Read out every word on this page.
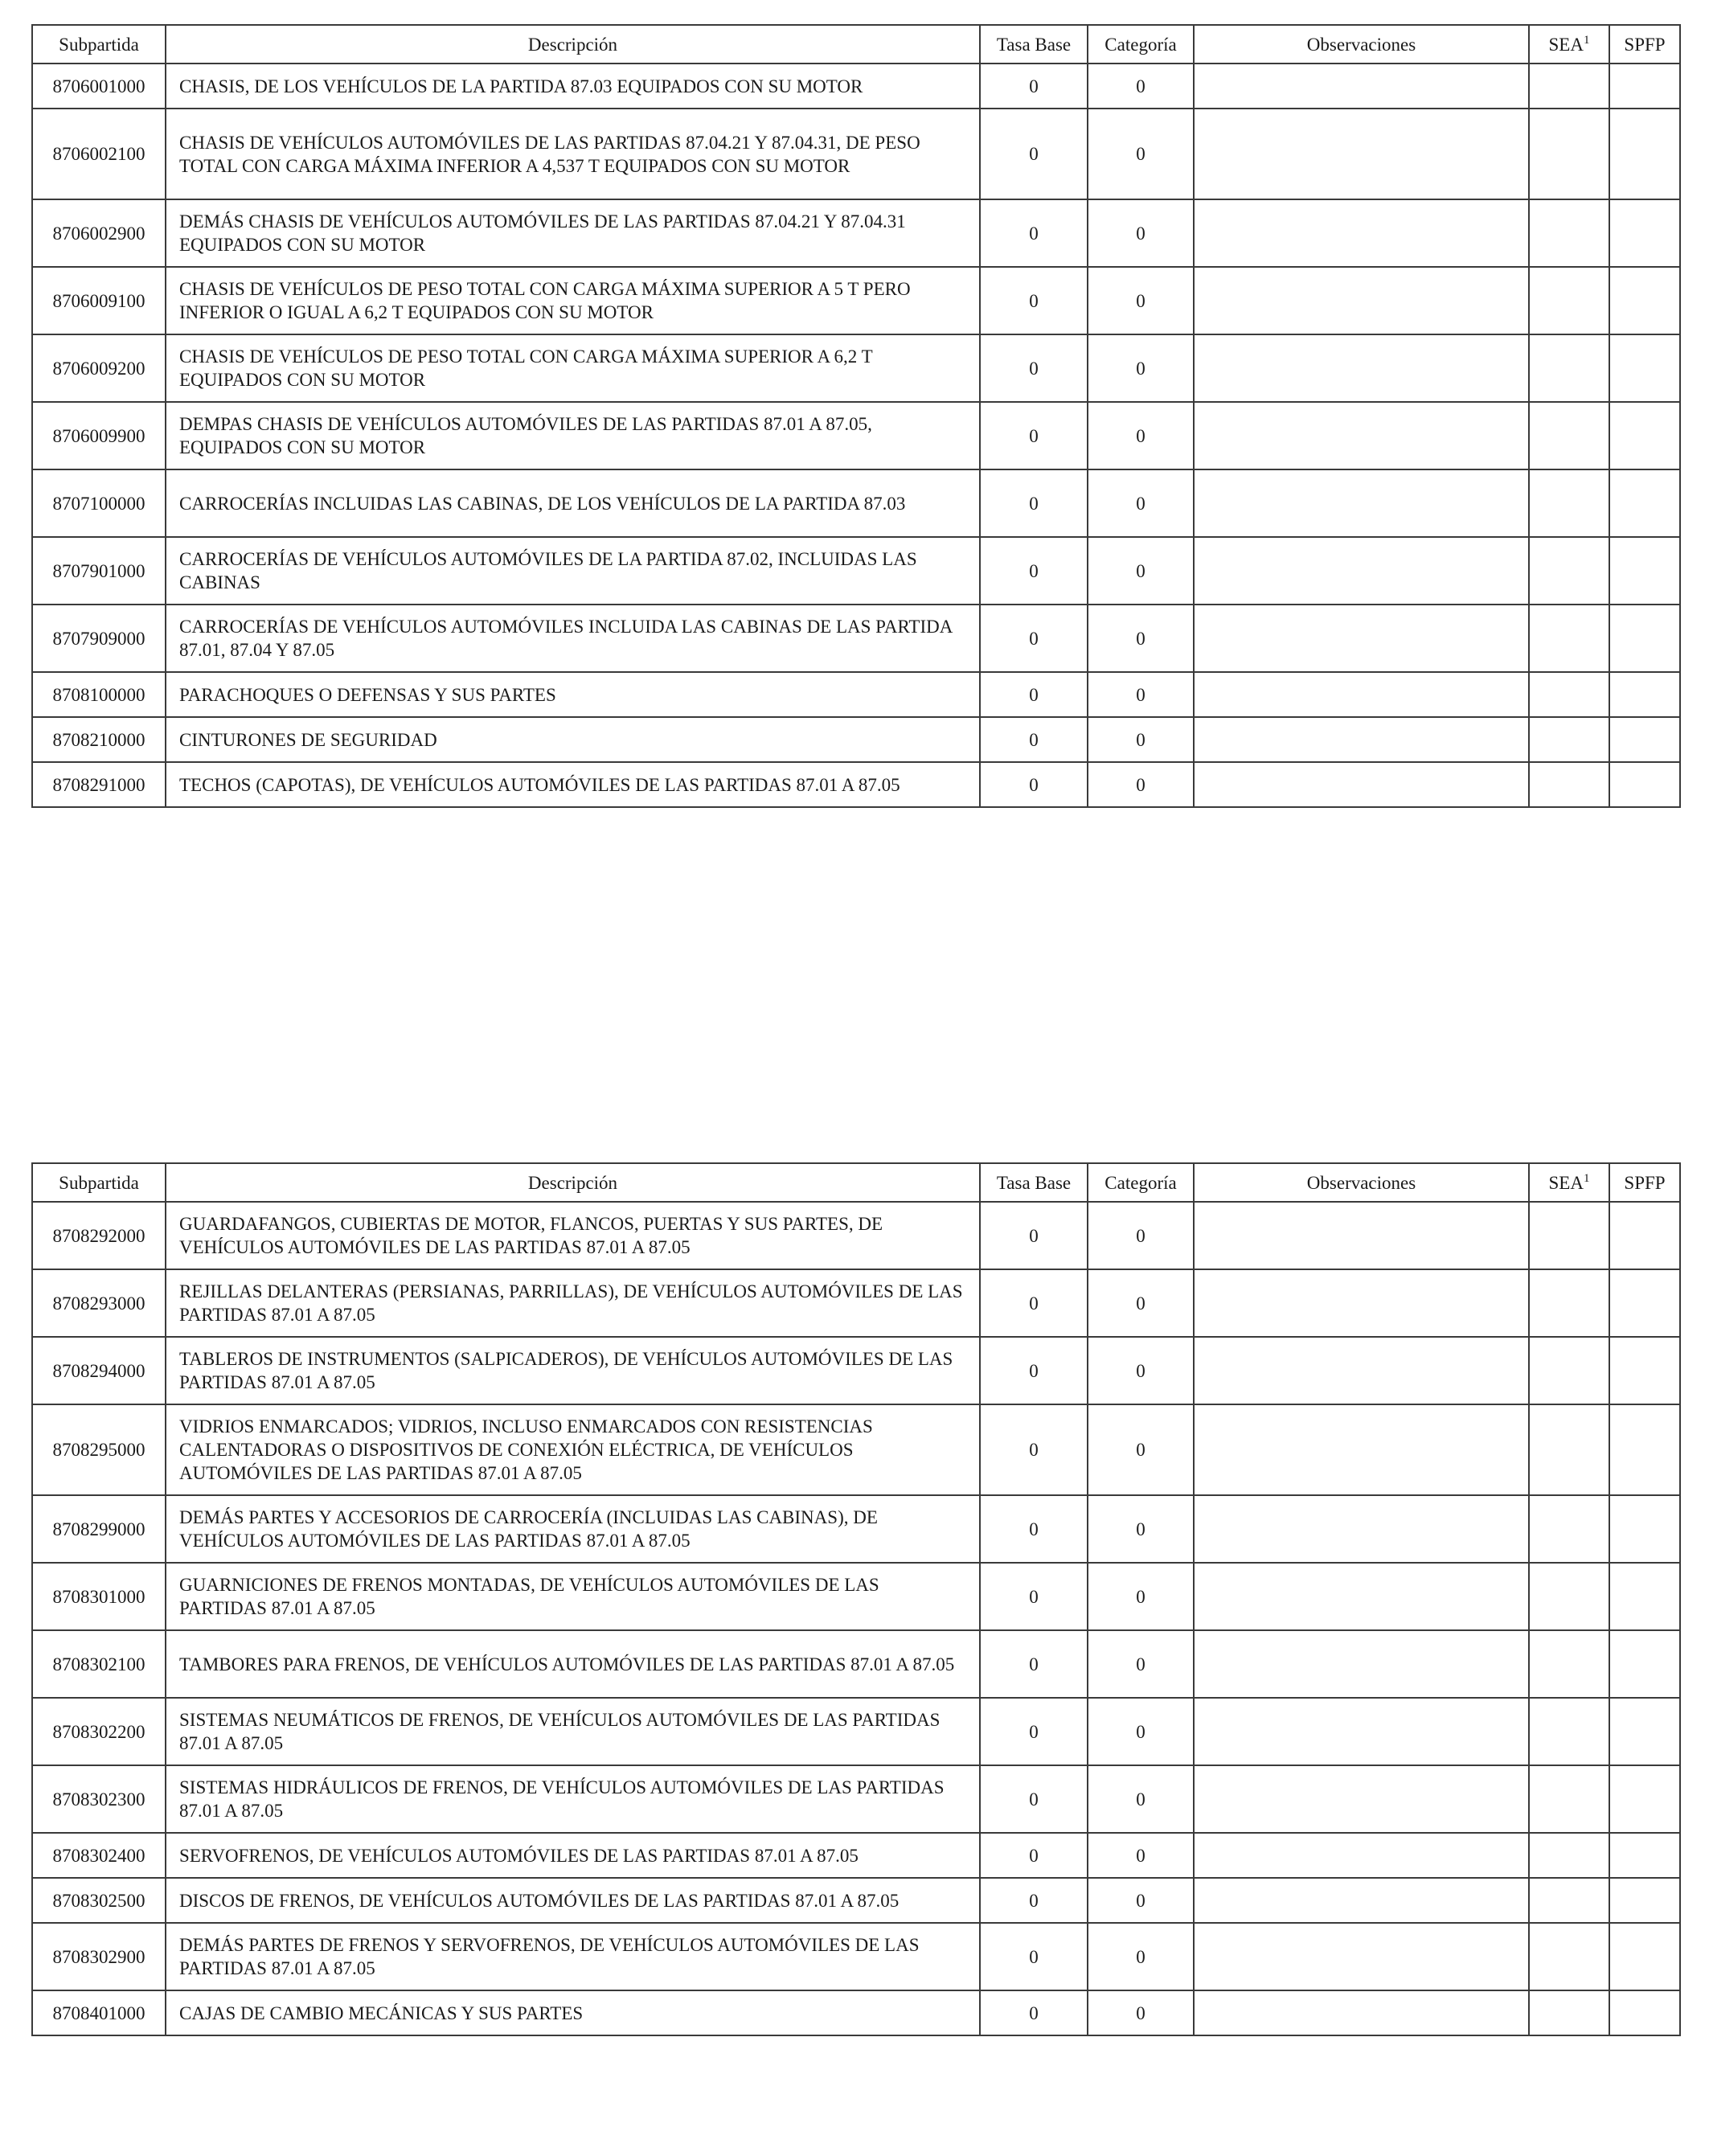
Subpartida	Descripción	Tasa Base	Categoría	Observaciones	SEA$^1$	SPFP
8706001000	CHASIS, DE LOS VEHÍCULOS DE LA PARTIDA 87.03 EQUIPADOS CON SU MOTOR	0	0			
8706002100	CHASIS DE VEHÍCULOS AUTOMÓVILES DE LAS PARTIDAS 87.04.21 Y 87.04.31, DE PESO TOTAL CON CARGA MÁXIMA INFERIOR A 4,537 T EQUIPADOS CON SU MOTOR	0	0			
8706002900	DEMÁS CHASIS DE VEHÍCULOS AUTOMÓVILES DE LAS PARTIDAS 87.04.21 Y 87.04.31 EQUIPADOS CON SU MOTOR	0	0			
8706009100	CHASIS DE VEHÍCULOS DE PESO TOTAL CON CARGA MÁXIMA SUPERIOR A 5 T PERO INFERIOR O IGUAL A 6,2 T EQUIPADOS CON SU MOTOR	0	0			
8706009200	CHASIS DE VEHÍCULOS DE PESO TOTAL CON CARGA MÁXIMA SUPERIOR A 6,2 T EQUIPADOS CON SU MOTOR	0	0			
8706009900	DEMPAS CHASIS DE VEHÍCULOS AUTOMÓVILES DE LAS PARTIDAS 87.01 A 87.05, EQUIPADOS CON SU MOTOR	0	0			
8707100000	CARROCERÍAS INCLUIDAS LAS CABINAS, DE LOS VEHÍCULOS DE LA PARTIDA 87.03	0	0			
8707901000	CARROCERÍAS DE VEHÍCULOS AUTOMÓVILES DE LA PARTIDA 87.02, INCLUIDAS LAS CABINAS	0	0			
8707909000	CARROCERÍAS DE VEHÍCULOS AUTOMÓVILES INCLUIDA LAS CABINAS DE LAS PARTIDA 87.01, 87.04 Y 87.05	0	0			
8708100000	PARACHOQUES O DEFENSAS Y SUS PARTES	0	0			
8708210000	CINTURONES DE SEGURIDAD	0	0			
8708291000	TECHOS (CAPOTAS), DE VEHÍCULOS AUTOMÓVILES DE LAS PARTIDAS 87.01 A 87.05	0	0			
Subpartida	Descripción	Tasa Base	Categoría	Observaciones	SEA$^1$	SPFP
8708292000	GUARDAFANGOS, CUBIERTAS DE MOTOR, FLANCOS, PUERTAS Y SUS PARTES, DE VEHÍCULOS AUTOMÓVILES DE LAS PARTIDAS 87.01 A 87.05	0	0			
8708293000	REJILLAS DELANTERAS (PERSIANAS, PARRILLAS), DE VEHÍCULOS AUTOMÓVILES DE LAS PARTIDAS 87.01 A 87.05	0	0			
8708294000	TABLEROS DE INSTRUMENTOS (SALPICADEROS), DE VEHÍCULOS AUTOMÓVILES DE LAS PARTIDAS 87.01 A 87.05	0	0			
8708295000	VIDRIOS ENMARCADOS; VIDRIOS, INCLUSO ENMARCADOS CON RESISTENCIAS CALENTADORAS O DISPOSITIVOS DE CONEXIÓN ELÉCTRICA, DE VEHÍCULOS AUTOMÓVILES DE LAS PARTIDAS 87.01 A 87.05	0	0			
8708299000	DEMÁS PARTES Y ACCESORIOS DE CARROCERÍA (INCLUIDAS LAS CABINAS), DE VEHÍCULOS AUTOMÓVILES DE LAS PARTIDAS 87.01 A 87.05	0	0			
8708301000	GUARNICIONES DE FRENOS MONTADAS, DE VEHÍCULOS AUTOMÓVILES DE LAS PARTIDAS 87.01 A 87.05	0	0			
8708302100	TAMBORES PARA FRENOS, DE VEHÍCULOS AUTOMÓVILES DE LAS PARTIDAS 87.01 A 87.05	0	0			
8708302200	SISTEMAS NEUMÁTICOS DE FRENOS, DE VEHÍCULOS AUTOMÓVILES DE LAS PARTIDAS 87.01 A 87.05	0	0			
8708302300	SISTEMAS HIDRÁULICOS DE FRENOS, DE VEHÍCULOS AUTOMÓVILES DE LAS PARTIDAS 87.01 A 87.05	0	0			
8708302400	SERVOFRENOS, DE VEHÍCULOS AUTOMÓVILES DE LAS PARTIDAS 87.01 A 87.05	0	0			
8708302500	DISCOS DE FRENOS, DE VEHÍCULOS AUTOMÓVILES DE LAS PARTIDAS 87.01 A 87.05	0	0			
8708302900	DEMÁS PARTES DE FRENOS Y SERVOFRENOS, DE VEHÍCULOS AUTOMÓVILES DE LAS PARTIDAS 87.01 A 87.05	0	0			
8708401000	CAJAS DE CAMBIO MECÁNICAS Y SUS PARTES	0	0			
